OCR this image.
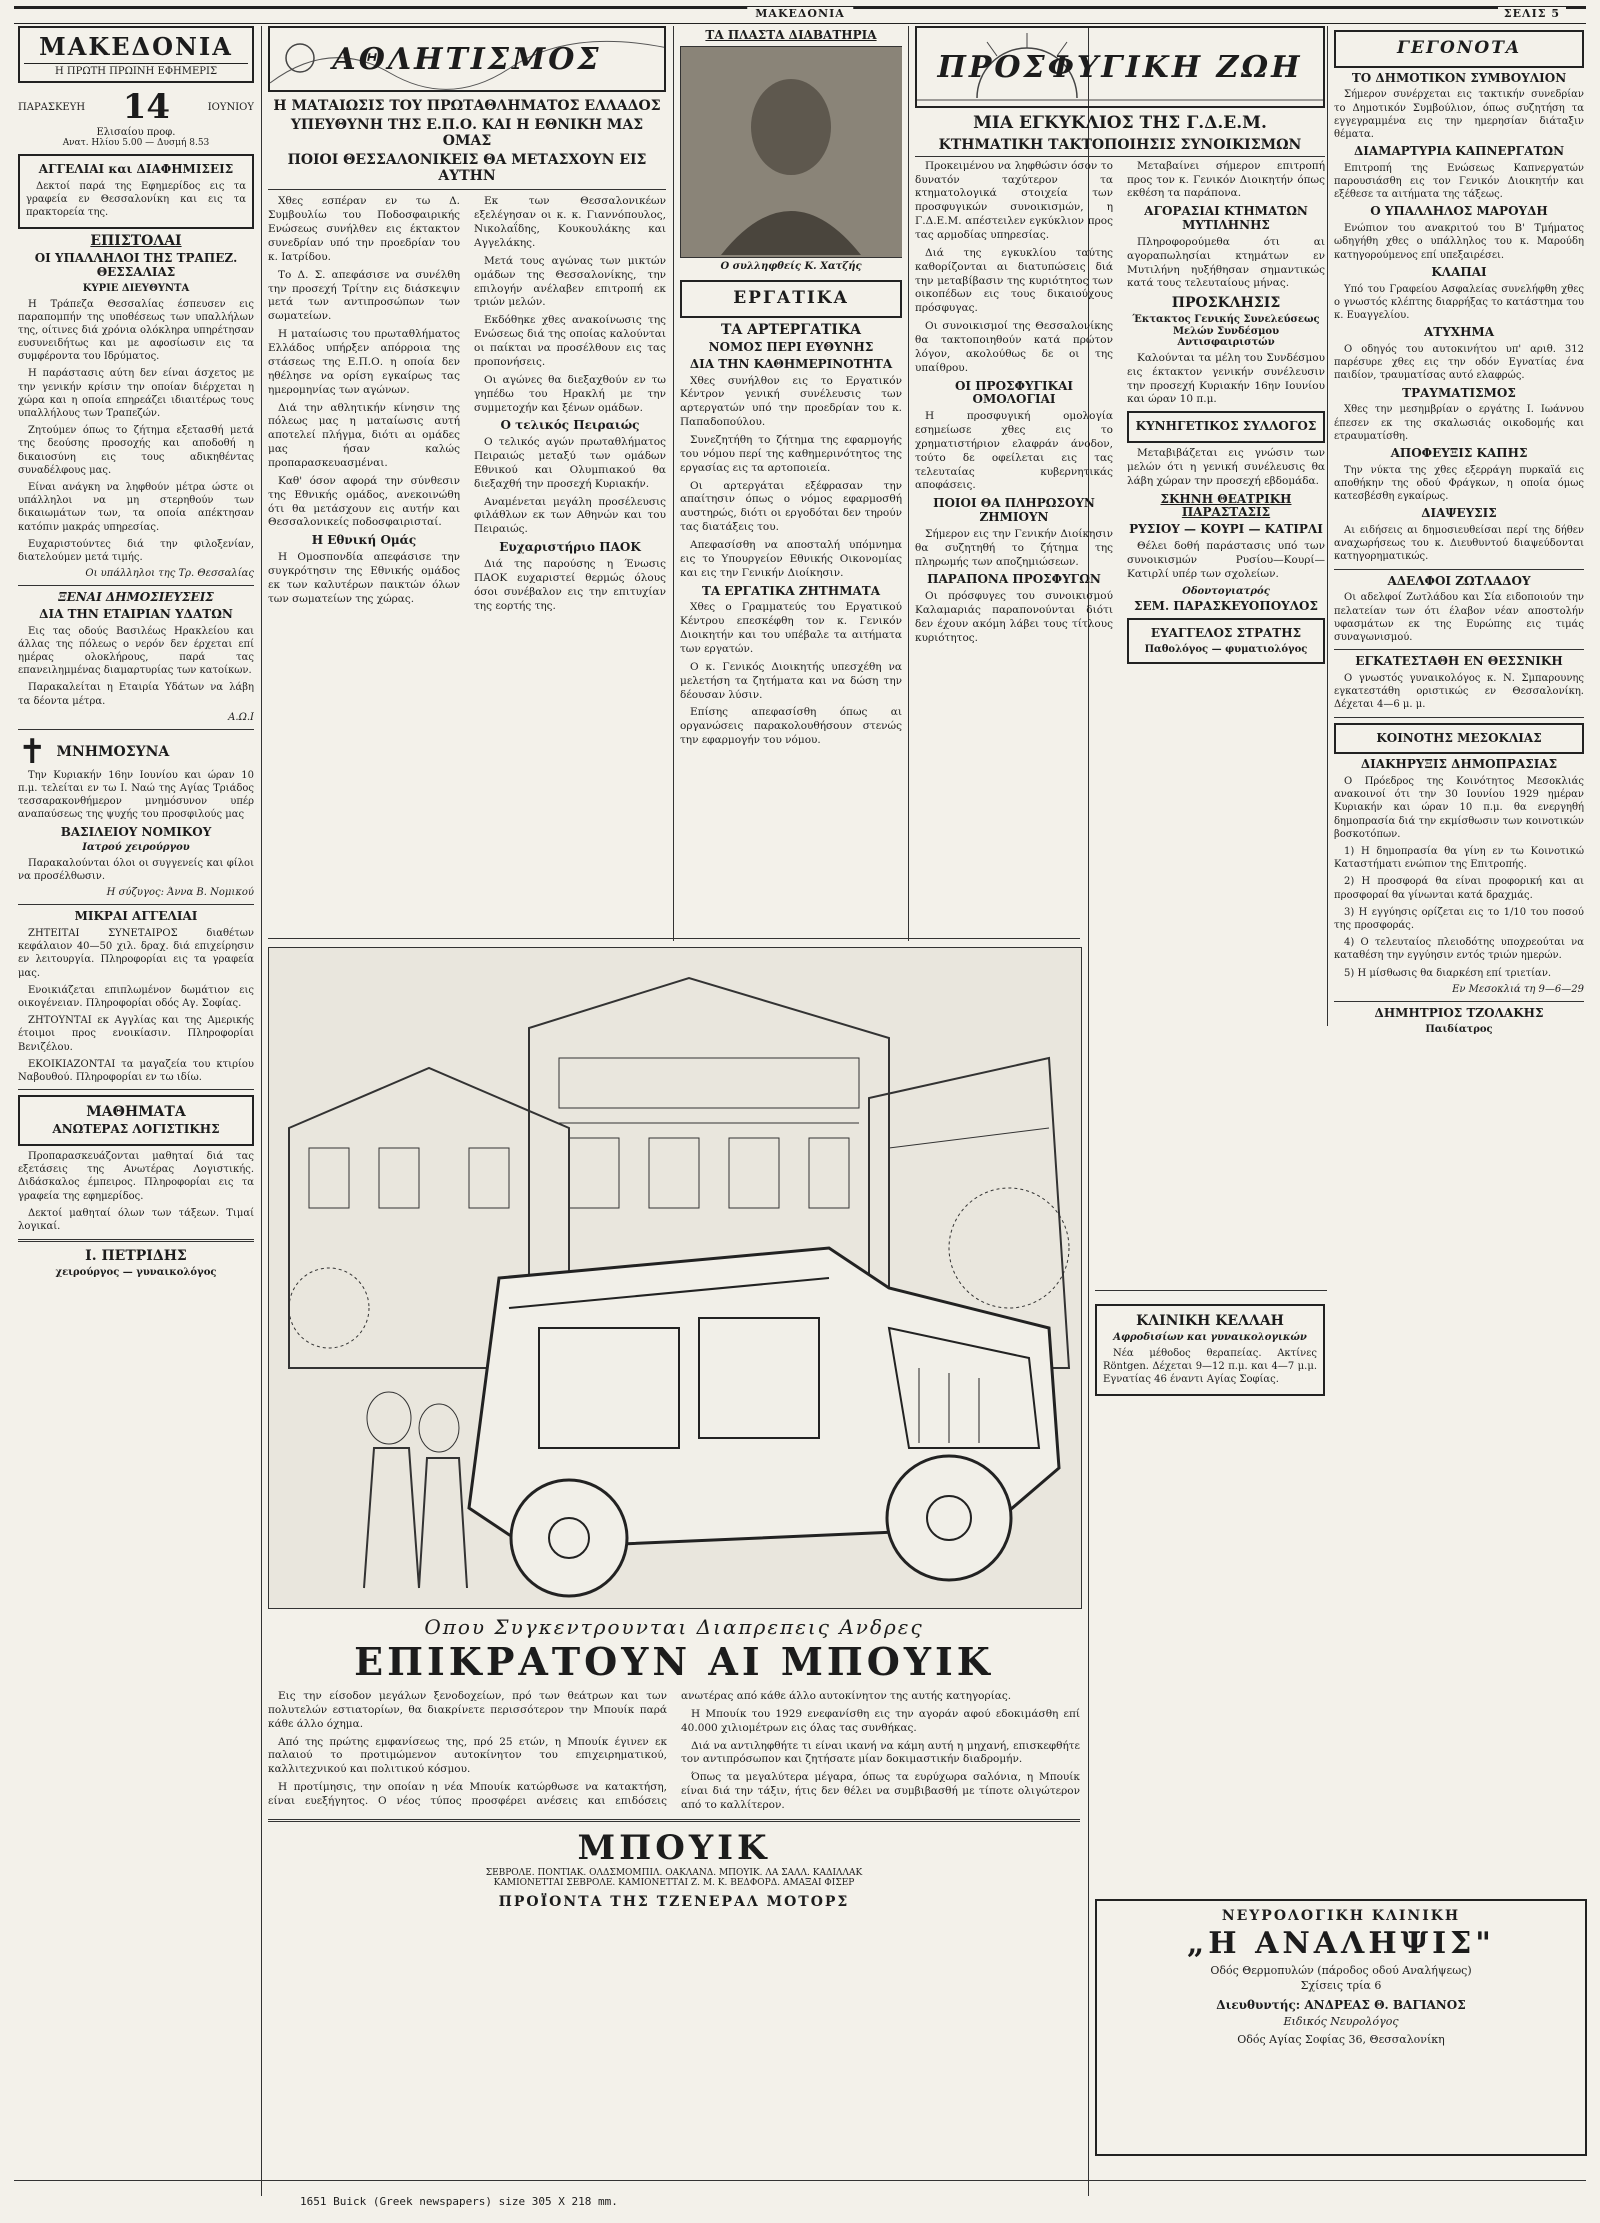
ΜΑΚΕΔΟΝΙΑ	ΣΕΛΙΣ 5
ΜΑΚΕΔΟΝΙΑ
Η ΠΡΩΤΗ ΠΡΩΙΝΗ ΕΦΗΜΕΡΙΣ
ΠΑΡΑΣΚΕΥΗ 14	ΙΟΥΝΙΟΥ
Ελισαίου προφ.
Ανατ. Ηλίου 5.00 — Δυσμή 8.53
ΑΓΓΕΛΙΑΙ και ΔΙΑΦΗΜΙΣΕΙΣ

Δεκτοί παρά της Εφημερίδος εις τα γραφεία εν Θεσσαλονίκη και εις τα πρακτορεία της.

ΕΠΙΣΤΟΛΑΙ
ΟΙ ΥΠΑΛΛΗΛΟΙ ΤΗΣ ΤΡΑΠΕΖ. ΘΕΣΣΑΛΙΑΣ
ΚΥΡΙΕ ΔΙΕΥΘΥΝΤΑ

Η Τράπεζα Θεσσαλίας έσπευσεν εις παραπομπήν της υποθέσεως των υπαλλήλων της, οίτινες διά χρόνια ολόκληρα υπηρέτησαν ευσυνειδήτως και με αφοσίωσιν εις τα συμφέροντα του Ιδρύματος.

Η παράστασις αύτη δεν είναι άσχετος με την γενικήν κρίσιν την οποίαν διέρχεται η χώρα και η οποία επηρεάζει ιδιαιτέρως τους υπαλλήλους των Τραπεζών.

Ζητούμεν όπως το ζήτημα εξετασθή μετά της δεούσης προσοχής και αποδοθή η δικαιοσύνη εις τους αδικηθέντας συναδέλφους μας.

Είναι ανάγκη να ληφθούν μέτρα ώστε οι υπάλληλοι να μη στερηθούν των δικαιωμάτων των, τα οποία απέκτησαν κατόπιν μακράς υπηρεσίας.

Ευχαριστούντες διά την φιλοξενίαν, διατελούμεν μετά τιμής.

Οι υπάλληλοι της Τρ. Θεσσαλίας
ΞΕΝΑΙ ΔΗΜΟΣΙΕΥΣΕΙΣ
ΔΙΑ ΤΗΝ ΕΤΑΙΡΙΑΝ ΥΔΑΤΩΝ

Εις τας οδούς Βασιλέως Ηρακλείου και άλλας της πόλεως ο νερόν δεν έρχεται επί ημέρας ολοκλήρους, παρά τας επανειλημμένας διαμαρτυρίας των κατοίκων.

Παρακαλείται η Εταιρία Υδάτων να λάβη τα δέοντα μέτρα.

Α.Ω.Ι
✝ ΜΝΗΜΟΣΥΝΑ

Την Κυριακήν 16ην Ιουνίου και ώραν 10 π.μ. τελείται εν τω Ι. Ναώ της Αγίας Τριάδος τεσσαρακονθήμερον μνημόσυνον υπέρ αναπαύσεως της ψυχής του προσφιλούς μας

ΒΑΣΙΛΕΙΟΥ ΝΟΜΙΚΟΥ
Ιατρού χειρούργου

Παρακαλούνται όλοι οι συγγενείς και φίλοι να προσέλθωσιν.

Η σύζυγος: Άννα Β. Νομικού
ΜΙΚΡΑΙ ΑΓΓΕΛΙΑΙ

ΖΗΤΕΙΤΑΙ ΣΥΝΕΤΑΙΡΟΣ διαθέτων κεφάλαιον 40—50 χιλ. δραχ. διά επιχείρησιν εν λειτουργία. Πληροφορίαι εις τα γραφεία μας.

Ενοικιάζεται επιπλωμένον δωμάτιον εις οικογένειαν. Πληροφορίαι οδός Αγ. Σοφίας.

ΖΗΤΟΥΝΤΑΙ εκ Αγγλίας και της Αμερικής έτοιμοι προς ενοικίασιν. Πληροφορίαι Βενιζέλου.

ΕΚΟΙΚΙΑΖΟΝΤΑΙ τα μαγαζεία του κτιρίου Ναβουθού. Πληροφορίαι εν τω ιδίω.

ΜΑΘΗΜΑΤΑ
ΑΝΩΤΕΡΑΣ ΛΟΓΙΣΤΙΚΗΣ

Προπαρασκευάζονται μαθηταί διά τας εξετάσεις της Ανωτέρας Λογιστικής. Διδάσκαλος έμπειρος. Πληροφορίαι εις τα γραφεία της εφημερίδος.

Δεκτοί μαθηταί όλων των τάξεων. Τιμαί λογικαί.

Ι. ΠΕΤΡΙΔΗΣ
χειρούργος — γυναικολόγος
ΑΘΛΗΤΙΣΜΟΣ
Η ΜΑΤΑΙΩΣΙΣ ΤΟΥ ΠΡΩΤΑΘΛΗΜΑΤΟΣ ΕΛΛΑΔΟΣ
ΥΠΕΥΘΥΝΗ ΤΗΣ Ε.Π.Ο. ΚΑΙ Η ΕΘΝΙΚΗ ΜΑΣ ΟΜΑΣ
ΠΟΙΟΙ ΘΕΣΣΑΛΟΝΙΚΕΙΣ ΘΑ ΜΕΤΑΣΧΟΥΝ ΕΙΣ ΑΥΤΗΝ

Χθες εσπέραν εν τω Δ. Συμβουλίω του Ποδοσφαιρικής Ενώσεως συνήλθεν εις έκτακτον συνεδρίαν υπό την προεδρίαν του κ. Ιατρίδου.

Το Δ. Σ. απεφάσισε να συνέλθη την προσεχή Τρίτην εις διάσκεψιν μετά των αντιπροσώπων των σωματείων.

Η ματαίωσις του πρωταθλήματος Ελλάδος υπήρξεν απόρροια της στάσεως της Ε.Π.Ο. η οποία δεν ηθέλησε να ορίση εγκαίρως τας ημερομηνίας των αγώνων.

Διά την αθλητικήν κίνησιν της πόλεως μας η ματαίωσις αυτή αποτελεί πλήγμα, διότι αι ομάδες μας ήσαν καλώς προπαρασκευασμέναι.

Καθ' όσον αφορά την σύνθεσιν της Εθνικής ομάδος, ανεκοινώθη ότι θα μετάσχουν εις αυτήν και Θεσσαλονικείς ποδοσφαιρισταί.

Η Εθνική Ομάς

Η Ομοσπονδία απεφάσισε την συγκρότησιν της Εθνικής ομάδος εκ των καλυτέρων παικτών όλων των σωματείων της χώρας.

Εκ των Θεσσαλονικέων εξελέγησαν οι κ. κ. Γιαννόπουλος, Νικολαΐδης, Κουκουλάκης και Αγγελάκης.

Μετά τους αγώνας των μικτών ομάδων της Θεσσαλονίκης, την επιλογήν ανέλαβεν επιτροπή εκ τριών μελών.

Εκδόθηκε χθες ανακοίνωσις της Ενώσεως διά της οποίας καλούνται οι παίκται να προσέλθουν εις τας προπονήσεις.

Οι αγώνες θα διεξαχθούν εν τω γηπέδω του Ηρακλή με την συμμετοχήν και ξένων ομάδων.

Ο τελικός Πειραιώς

Ο τελικός αγών πρωταθλήματος Πειραιώς μεταξύ των ομάδων Εθνικού και Ολυμπιακού θα διεξαχθή την προσεχή Κυριακήν.

Αναμένεται μεγάλη προσέλευσις φιλάθλων εκ των Αθηνών και του Πειραιώς.

Ευχαριστήριο ΠΑΟΚ

Διά της παρούσης η Ένωσις ΠΑΟΚ ευχαριστεί θερμώς όλους όσοι συνέβαλον εις την επιτυχίαν της εορτής της.

ΤΑ ΠΛΑΣΤΑ ΔΙΑΒΑΤΗΡΙΑ
Ο συλληφθείς Κ. Χατζής
ΕΡΓΑΤΙΚΑ
ΤΑ ΑΡΤΕΡΓΑΤΙΚΑ
ΝΟΜΟΣ ΠΕΡΙ ΕΥΘΥΝΗΣ
ΔΙΑ ΤΗΝ ΚΑΘΗΜΕΡΙΝΟΤΗΤΑ

Χθες συνήλθον εις το Εργατικόν Κέντρον γενική συνέλευσις των αρτεργατών υπό την προεδρίαν του κ. Παπαδοπούλου.

Συνεζητήθη το ζήτημα της εφαρμογής του νόμου περί της καθημερινότητος της εργασίας εις τα αρτοποιεία.

Οι αρτεργάται εξέφρασαν την απαίτησιν όπως ο νόμος εφαρμοσθή αυστηρώς, διότι οι εργοδόται δεν τηρούν τας διατάξεις του.

Απεφασίσθη να αποσταλή υπόμνημα εις το Υπουργείον Εθνικής Οικονομίας και εις την Γενικήν Διοίκησιν.

ΤΑ ΕΡΓΑΤΙΚΑ ΖΗΤΗΜΑΤΑ

Χθες ο Γραμματεύς του Εργατικού Κέντρου επεσκέφθη τον κ. Γενικόν Διοικητήν και του υπέβαλε τα αιτήματα των εργατών.

Ο κ. Γενικός Διοικητής υπεσχέθη να μελετήση τα ζητήματα και να δώση την δέουσαν λύσιν.

Επίσης απεφασίσθη όπως αι οργανώσεις παρακολουθήσουν στενώς την εφαρμογήν του νόμου.

ΠΡΟΣΦΥΓΙΚΗ ΖΩΗ
ΜΙΑ ΕΓΚΥΚΛΙΟΣ ΤΗΣ Γ.Δ.Ε.Μ.
ΚΤΗΜΑΤΙΚΗ ΤΑΚΤΟΠΟΙΗΣΙΣ ΣΥΝΟΙΚΙΣΜΩΝ

Προκειμένου να ληφθώσιν όσον το δυνατόν ταχύτερον τα κτηματολογικά στοιχεία των προσφυγικών συνοικισμών, η Γ.Δ.Ε.Μ. απέστειλεν εγκύκλιον προς τας αρμοδίας υπηρεσίας.

Διά της εγκυκλίου ταύτης καθορίζονται αι διατυπώσεις διά την μεταβίβασιν της κυριότητος των οικοπέδων εις τους δικαιούχους πρόσφυγας.

Οι συνοικισμοί της Θεσσαλονίκης θα τακτοποιηθούν κατά πρώτον λόγον, ακολούθως δε οι της υπαίθρου.

ΟΙ ΠΡΟΣΦΥΓΙΚΑΙ ΟΜΟΛΟΓΙΑΙ

Η προσφυγική ομολογία εσημείωσε χθες εις το χρηματιστήριον ελαφράν άνοδον, τούτο δε οφείλεται εις τας τελευταίας κυβερνητικάς αποφάσεις.

ΠΟΙΟΙ ΘΑ ΠΛΗΡΩΣΟΥΝ ΖΗΜΙΟΥΝ

Σήμερον εις την Γενικήν Διοίκησιν θα συζητηθή το ζήτημα της πληρωμής των αποζημιώσεων.

ΠΑΡΑΠΟΝΑ ΠΡΟΣΦΥΓΩΝ

Οι πρόσφυγες του συνοικισμού Καλαμαριάς παραπονούνται διότι δεν έχουν ακόμη λάβει τους τίτλους κυριότητος.

Μεταβαίνει σήμερον επιτροπή προς τον κ. Γενικόν Διοικητήν όπως εκθέση τα παράπονα.

ΑΓΟΡΑΣΙΑΙ ΚΤΗΜΑΤΩΝ ΜΥΤΙΛΗΝΗΣ

Πληροφορούμεθα ότι αι αγοραπωλησίαι κτημάτων εν Μυτιλήνη ηυξήθησαν σημαντικώς κατά τους τελευταίους μήνας.

ΠΡΟΣΚΛΗΣΙΣ
Έκτακτος Γενικής Συνελεύσεως Μελών Συνδέσμου Αντισφαιριστών

Καλούνται τα μέλη του Συνδέσμου εις έκτακτον γενικήν συνέλευσιν την προσεχή Κυριακήν 16ην Ιουνίου και ώραν 10 π.μ.

ΚΥΝΗΓΕΤΙΚΟΣ ΣΥΛΛΟΓΟΣ

Μεταβιβάζεται εις γνώσιν των μελών ότι η γενική συνέλευσις θα λάβη χώραν την προσεχή εβδομάδα.

ΣΚΗΝΗ ΘΕΑΤΡΙΚΗ ΠΑΡΑΣΤΑΣΙΣ
ΡΥΣΙΟΥ — ΚΟΥΡΙ — ΚΑΤΙΡΛΙ

Θέλει δοθή παράστασις υπό των συνοικισμών Ρυσίου—Κουρί—Κατιρλί υπέρ των σχολείων.

Οδοντογιατρός
ΣΕΜ. ΠΑΡΑΣΚΕΥΟΠΟΥΛΟΣ
ΕΥΑΓΓΕΛΟΣ ΣΤΡΑΤΗΣ
Παθολόγος — φυματιολόγος
ΓΕΓΟΝΟΤΑ
ΤΟ ΔΗΜΟΤΙΚΟΝ ΣΥΜΒΟΥΛΙΟΝ

Σήμερον συνέρχεται εις τακτικήν συνεδρίαν το Δημοτικόν Συμβούλιον, όπως συζητήση τα εγγεγραμμένα εις την ημερησίαν διάταξιν θέματα.

ΔΙΑΜΑΡΤΥΡΙΑ ΚΑΠΝΕΡΓΑΤΩΝ

Επιτροπή της Ενώσεως Καπνεργατών παρουσιάσθη εις τον Γενικόν Διοικητήν και εξέθεσε τα αιτήματα της τάξεως.

Ο ΥΠΑΛΛΗΛΟΣ ΜΑΡΟΥΔΗ

Ενώπιον του ανακριτού του Β' Τμήματος ωδηγήθη χθες ο υπάλληλος του κ. Μαρούδη κατηγορούμενος επί υπεξαιρέσει.

ΚΛΑΠΑΙ

Υπό του Γραφείου Ασφαλείας συνελήφθη χθες ο γνωστός κλέπτης διαρρήξας το κατάστημα του κ. Ευαγγελίου.

ΑΤΥΧΗΜΑ

Ο οδηγός του αυτοκινήτου υπ' αριθ. 312 παρέσυρε χθες εις την οδόν Εγνατίας ένα παιδίον, τραυματίσας αυτό ελαφρώς.

ΤΡΑΥΜΑΤΙΣΜΟΣ

Χθες την μεσημβρίαν ο εργάτης Ι. Ιωάννου έπεσεν εκ της σκαλωσιάς οικοδομής και ετραυματίσθη.

ΑΠΟΦΕΥΞΙΣ ΚΑΠΗΣ

Την νύκτα της χθες εξερράγη πυρκαϊά εις αποθήκην της οδού Φράγκων, η οποία όμως κατεσβέσθη εγκαίρως.

ΔΙΑΨΕΥΣΙΣ

Αι ειδήσεις αι δημοσιευθείσαι περί της δήθεν αναχωρήσεως του κ. Διευθυντού διαψεύδονται κατηγορηματικώς.

ΑΔΕΛΦΟΙ ΖΩΤΛΑΔΟΥ

Οι αδελφοί Ζωτλάδου και Σία ειδοποιούν την πελατείαν των ότι έλαβον νέαν αποστολήν υφασμάτων εκ της Ευρώπης εις τιμάς συναγωνισμού.

ΕΓΚΑΤΕΣΤΑΘΗ ΕΝ ΘΕΣΣΝΙΚΗ

Ο γνωστός γυναικολόγος κ. Ν. Σμπαρουνης εγκατεστάθη οριστικώς εν Θεσσαλονίκη. Δέχεται 4—6 μ. μ.

ΚΟΙΝΟΤΗΣ ΜΕΣΟΚΛΙΑΣ
ΔΙΑΚΗΡΥΞΙΣ ΔΗΜΟΠΡΑΣΙΑΣ

Ο Πρόεδρος της Κοινότητος Μεσοκλιάς ανακοινοί ότι την 30 Ιουνίου 1929 ημέραν Κυριακήν και ώραν 10 π.μ. θα ενεργηθή δημοπρασία διά την εκμίσθωσιν των κοινοτικών βοσκοτόπων.

1) Η δημοπρασία θα γίνη εν τω Κοινοτικώ Καταστήματι ενώπιον της Επιτροπής.

2) Η προσφορά θα είναι προφορική και αι προσφοραί θα γίνωνται κατά δραχμάς.

3) Η εγγύησις ορίζεται εις το 1/10 του ποσού της προσφοράς.

4) Ο τελευταίος πλειοδότης υποχρεούται να καταθέση την εγγύησιν εντός τριών ημερών.

5) Η μίσθωσις θα διαρκέση επί τριετίαν.

Εν Μεσοκλιά τη 9—6—29
ΔΗΜΗΤΡΙΟΣ ΤΖΟΛΑΚΗΣ
Παιδίατρος
Οπου Συγκεντρουνται Διαπρεπεις Ανδρες
ΕΠΙΚΡΑΤΟΥΝ ΑΙ ΜΠΟΥΙΚ

Εις την είσοδον μεγάλων ξενοδοχείων, πρό των θεάτρων και των πολυτελών εστιατορίων, θα διακρίνετε περισσότερον την Μπουίκ παρά κάθε άλλο όχημα.

Από της πρώτης εμφανίσεως της, πρό 25 ετών, η Μπουίκ έγινεν εκ παλαιού το προτιμώμενον αυτοκίνητον του επιχειρηματικού, καλλιτεχνικού και πολιτικού κόσμου.

Η προτίμησις, την οποίαν η νέα Μπουίκ κατώρθωσε να κατακτήση, είναι ευεξήγητος. Ο νέος τύπος προσφέρει ανέσεις και επιδόσεις ανωτέρας από κάθε άλλο αυτοκίνητον της αυτής κατηγορίας.

Η Μπουίκ του 1929 ενεφανίσθη εις την αγοράν αφού εδοκιμάσθη επί 40.000 χιλιομέτρων εις όλας τας συνθήκας.

Διά να αντιληφθήτε τι είναι ικανή να κάμη αυτή η μηχανή, επισκεφθήτε τον αντιπρόσωπον και ζητήσατε μίαν δοκιμαστικήν διαδρομήν.

Όπως τα μεγαλύτερα μέγαρα, όπως τα ευρύχωρα σαλόνια, η Μπουίκ είναι διά την τάξιν, ήτις δεν θέλει να συμβιβασθή με τίποτε ολιγώτερον από το καλλίτερον.

ΜΠΟΥΙΚ
ΣΕΒΡΟΛΕ. ΠΟΝΤΙΑΚ. ΟΛΔΣΜΟΜΠΙΛ. ΟΑΚΛΑΝΔ. ΜΠΟΥΙΚ. ΛΑ ΣΑΛΛ. ΚΑΔΙΛΛΑΚ
ΚΑΜΙΟΝΕΤΤΑΙ ΣΕΒΡΟΛΕ. ΚΑΜΙΟΝΕΤΤΑΙ Ζ. Μ. Κ. ΒΕΔΦΟΡΔ. ΑΜΑΞΑΙ ΦΙΣΕΡ
ΠΡΟΪΟΝΤΑ ΤΗΣ ΤΖΕΝΕΡΑΛ ΜΟΤΟΡΣ
ΚΛΙΝΙΚΗ ΚΕΛΛΑΗ
Αφροδισίων και γυναικολογικών

Νέα μέθοδος θεραπείας. Ακτίνες Röntgen. Δέχεται 9—12 π.μ. και 4—7 μ.μ. Εγνατίας 46 έναντι Αγίας Σοφίας.

ΝΕΥΡΟΛΟΓΙΚΗ ΚΛΙΝΙΚΗ
„Η ΑΝΑΛΗΨΙΣ"
Οδός Θερμοπυλών (πάροδος οδού Αναλήψεως)
Σχίσεις τρία 6
Διευθυντής: ΑΝΔΡΕΑΣ Θ. ΒΑΓΙΑΝΟΣ
Ειδικός Νευρολόγος
Οδός Αγίας Σοφίας 36, Θεσσαλονίκη
1651 Buick (Greek newspapers) size 305 X 218 mm.
